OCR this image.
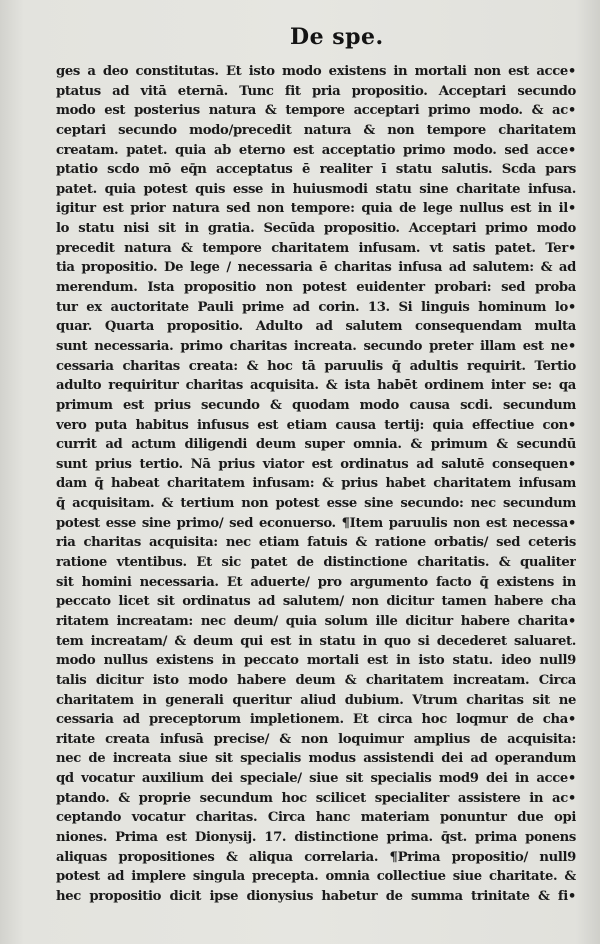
De spe.
ges a deo constitutas. Et isto modo existens in mortali non est acce•
ptatus ad vitā eternā. Tunc fit pria propositio. Acceptari secundo
modo est posterius natura & tempore acceptari primo modo. & ac•
ceptari secundo modo/precedit natura & non tempore charitatem
creatam. patet. quia ab eterno est acceptatio primo modo. sed acce•
ptatio scdo mō eq̄n acceptatus ē realiter ī statu salutis. Scda pars
patet. quia potest quis esse in huiusmodi statu sine charitate infusa.
igitur est prior natura sed non tempore: quia de lege nullus est in il•
lo statu nisi sit in gratia. Secūda propositio. Acceptari primo modo
precedit natura & tempore charitatem infusam. vt satis patet. Ter•
tia propositio. De lege / necessaria ē charitas infusa ad salutem: & ad
merendum. Ista propositio non potest euidenter probari: sed proba
tur ex auctoritate Pauli prime ad corin. 13. Si linguis hominum lo•
quar. Quarta propositio. Adulto ad salutem consequendam multa
sunt necessaria. primo charitas increata. secundo preter illam est ne•
cessaria charitas creata: & hoc tā paruulis q̄ adultis requirit. Tertio
adulto requiritur charitas acquisita. & ista habēt ordinem inter se: qa
primum est prius secundo & quodam modo causa scdi. secundum
vero puta habitus infusus est etiam causa tertij: quia effectiue con•
currit ad actum diligendi deum super omnia. & primum & secundū
sunt prius tertio. Nā prius viator est ordinatus ad salutē consequen•
dam q̄ habeat charitatem infusam: & prius habet charitatem infusam
q̄ acquisitam. & tertium non potest esse sine secundo: nec secundum
potest esse sine primo/ sed econuerso. ¶Item paruulis non est necessa•
ria charitas acquisita: nec etiam fatuis & ratione orbatis/ sed ceteris
ratione vtentibus. Et sic patet de distinctione charitatis. & qualiter
sit homini necessaria. Et aduerte/ pro argumento facto q̄ existens in
peccato licet sit ordinatus ad salutem/ non dicitur tamen habere cha
ritatem increatam: nec deum/ quia solum ille dicitur habere charita•
tem increatam/ & deum qui est in statu in quo si decederet saluaret.
modo nullus existens in peccato mortali est in isto statu. ideo null9
talis dicitur isto modo habere deum & charitatem increatam. Circa
charitatem in generali queritur aliud dubium. Vtrum charitas sit ne
cessaria ad preceptorum impletionem. Et circa hoc loqmur de cha•
ritate creata infusā precise/ & non loquimur amplius de acquisita:
nec de increata siue sit specialis modus assistendi dei ad operandum
qd vocatur auxilium dei speciale/ siue sit specialis mod9 dei in acce•
ptando. & proprie secundum hoc scilicet specialiter assistere in ac•
ceptando vocatur charitas. Circa hanc materiam ponuntur due opi
niones. Prima est Dionysij. 17. distinctione prima. q̄st. prima ponens
aliquas propositiones & aliqua correlaria. ¶Prima propositio/ null9
potest ad implere singula precepta. omnia collectiue siue charitate. &
hec propositio dicit ipse dionysius habetur de summa trinitate & fi•
